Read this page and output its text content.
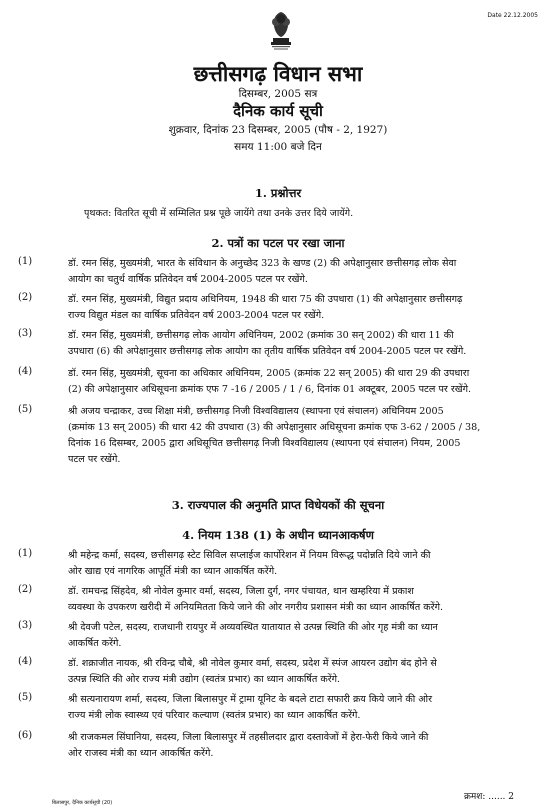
Date 22.12.2005
छत्तीसगढ़ विधान सभा
दिसम्बर, 2005 सत्र
दैनिक कार्य सूची
शुक्रवार, दिनांक 23 दिसम्बर, 2005 (पौष - 2, 1927)
समय 11:00 बजे दिन
1. प्रश्नोत्तर
पृथकत: वितरित सूची में सम्मिलित प्रश्न पूछे जायेंगे तथा उनके उत्तर दिये जायेंगे.
2. पत्रों का पटल पर रखा जाना
(1)	डॉ. रमन सिंह, मुख्यमंत्री, भारत के संविधान के अनुच्छेद 323 के खण्ड (2) की अपेक्षानुसार छत्तीसगढ़ लोक सेवा
आयोग का चतुर्थ वार्षिक प्रतिवेदन वर्ष 2004-2005 पटल पर रखेंगे.
(2)	डॉ. रमन सिंह, मुख्यमंत्री, विद्युत प्रदाय अधिनियम, 1948 की धारा 75 की उपधारा (1) की अपेक्षानुसार छत्तीसगढ़
राज्य विद्युत मंडल का वार्षिक प्रतिवेदन वर्ष 2003-2004 पटल पर रखेंगे.
(3)	डॉ. रमन सिंह, मुख्यमंत्री, छत्तीसगढ़ लोक आयोग अधिनियम, 2002 (क्रमांक 30 सन् 2002) की धारा 11 की
उपधारा (6) की अपेक्षानुसार छत्तीसगढ़ लोक आयोग का तृतीय वार्षिक प्रतिवेदन वर्ष 2004-2005 पटल पर रखेंगे.
(4)	डॉ. रमन सिंह, मुख्यमंत्री, सूचना का अधिकार अधिनियम, 2005 (क्रमांक 22 सन् 2005) की धारा 29 की उपधारा
(2) की अपेक्षानुसार अधिसूचना क्रमांक एफ 7 -16 / 2005 / 1 / 6, दिनांक 01 अक्टूबर, 2005 पटल पर रखेंगे.
(5)	श्री अजय चन्द्राकर, उच्च शिक्षा मंत्री, छत्तीसगढ़ निजी विश्वविद्यालय (स्थापना एवं संचालन) अधिनियम 2005
(क्रमांक 13 सन् 2005) की धारा 42 की उपधारा (3) की अपेक्षानुसार अधिसूचना क्रमांक एफ 3-62 / 2005 / 38,
दिनांक 16 दिसम्बर, 2005 द्वारा अधिसूचित छत्तीसगढ़ निजी विश्वविद्यालय (स्थापना एवं संचालन) नियम, 2005
पटल पर रखेंगे.
3. राज्यपाल की अनुमति प्राप्त विधेयकों की सूचना
4. नियम 138 (1) के अधीन ध्यानआकर्षण
(1)	श्री महेन्द्र कर्मा, सदस्य, छत्तीसगढ़ स्टेट सिविल सप्लाईज कार्पोरेशन में नियम विरूद्ध पदोन्नति दिये जाने की
ओर खाद्य एवं नागरिक आपूर्ति मंत्री का ध्यान आकर्षित करेंगे.
(2)	डॉ. रामचन्द्र सिंहदेव, श्री नोवेल कुमार वर्मा, सदस्य, जिला दुर्ग, नगर पंचायत, थान खम्हरिया में प्रकाश
व्यवस्था के उपकरण खरीदी में अनियमितता किये जाने की ओर नगरीय प्रशासन मंत्री का ध्यान आकर्षित करेंगे.
(3)	श्री देवजी पटेल, सदस्य, राजधानी रायपुर में अव्यवस्थित यातायात से उत्पन्न स्थिति की ओर गृह मंत्री का ध्यान
आकर्षित करेंगे.
(4)	डॉ. शक्राजीत नायक, श्री रविन्द्र चौबे, श्री नोवेल कुमार वर्मा, सदस्य, प्रदेश में स्पंज आयरन उद्योग बंद होने से
उत्पन्न स्थिति की ओर राज्य मंत्री उद्योग (स्वतंत्र प्रभार) का ध्यान आकर्षित करेंगे.
(5)	श्री सत्यनारायण शर्मा, सदस्य, जिला बिलासपुर में ट्रामा यूनिट के बदले टाटा सफारी क्रय किये जाने की ओर
राज्य मंत्री लोक स्वास्थ्य एवं परिवार कल्याण (स्वतंत्र प्रभार) का ध्यान आकर्षित करेंगे.
(6)	श्री राजकमल सिंघानिया, सदस्य, जिला बिलासपुर में तहसीलदार द्वारा दस्तावेजों में हेरा-फेरी किये जाने की
ओर राजस्व मंत्री का ध्यान आकर्षित करेंगे.
बिलासपुर, दैनिक कार्यसूची (20)
क्रमश: ...... 2
